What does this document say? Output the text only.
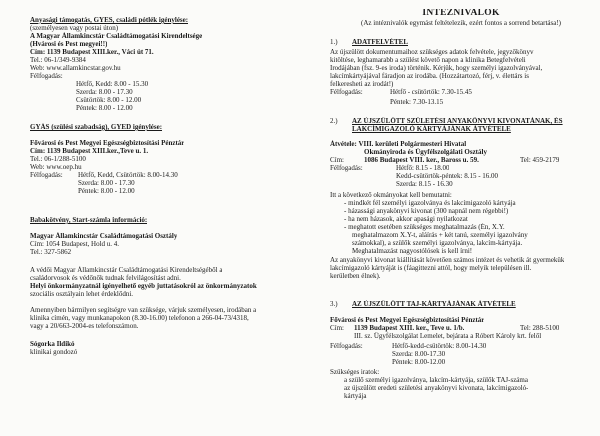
Anyasági támogatás, GYES, családi pótlék igénylése:

(személyesen vagy postai úton)

A Magyar Államkincstár Családtámogatási Kirendeltsége

(Hvárosi és Pest megyei!!)

Cím: 1139 Budapest XIII.ker., Váci út 71.

Tel.: 06-1/349-9384

Web: www.allamkincstar.gov.hu

Félfogadás:

Hétfő, Kedd: 8.00 - 15.30

Szerda: 8.00 - 17.30

Csütörtök: 8.00 - 12.00

Péntek: 8.00 - 12.00

GYÁS (szülési szabadság), GYED igénylése:

Fővárosi és Pest Megyei Egészségbiztosítási Pénztár

Cím: 1139 Budapest XIII.ker.,Teve u. 1.

Tel.: 06-1/288-5100

Web: www.oep.hu

Félfogadás: Hétfő, Kedd, Csütörtök: 8.00-14.30

Szerda: 8.00 - 17.30

Péntek: 8.00 - 12.00

Babakötvény, Start-számla információ:

Magyar Államkincstár Családtámogatási Osztály

Cím: 1054 Budapest, Hold u. 4.

Tel.: 327-5862

A védői Magyar Államkincstár Családtámogatási Kirendeltségéből a

családorvosok és védőnők tudnak felvilágosítást adni.

Helyi önkormányzatnál igényelhető egyéb juttatásokról az önkormányzatok

szociális osztályain lehet érdeklődni.

Amennyiben bármilyen segítségre van szüksége, várjuk személyesen, irodában a

klinika címén, vagy munkanapokon (8.30-16.00) telefonon a 266-04-73/4318,

vagy a 20/663-2004-es telefonszámon.

Sógorka Ildikó

klinikai gondozó

INTÉZNIVALÓK

(Az intéznivalók egymást feltételezik, ezért fontos a sorrend betartása!)

1.) ADATFELVÉTEL

Az újszülött dokumentumaihoz szükséges adatok felvétele, jegyzőkönyv

kitöltése, leghamarabb a szülést követő napon a klinika Betegfelvételi

Irodájában (fsz. 9-es iroda) történik. Kérjük, hogy személyi igazolványával,

lakcímkártyájával fáradjon az irodába. (Hozzátartozó, férj, v. élettárs is

felkeresheti az irodát!)

Félfogadás:	Hétfő - csütörtök: 7.30-15.45

Péntek: 7.30-13.15

2.) AZ ÚJSZÜLÖTT SZÜLETÉSI ANYAKÖNYVI KIVONATÁNAK, ÉS

LAKCÍMIGAZOLÓ KÁRTYÁJÁNAK ÁTVÉTELE

Átvétele: VIII. kerületi Polgármesteri Hivatal

Okmányiroda és Ügyfélszolgálati Osztály

Cím:	1086 Budapest VIII. ker., Baross u. 59.	Tel: 459-2179

Félfogadás:	Hétfő: 8.15 - 18.00

Kedd-csütörtök-péntek: 8.15 - 16.00

Szerda: 8.15 - 16.30

Itt a következő okmányokat kell bemutatni:

- mindkét fél személyi igazolványa és lakcímigazoló kártyája

- házassági anyakönyvi kivonat (300 napnál nem régebbi!)

- ha nem házasok, akkor apasági nyilatkozat

- meghatott esetében szükséges meghatalmazás (Én, X.Y.

meghatalmazom X.Y-t, aláírás + két tanú, személyi igazolvány

számokkal), a szülők személyi igazolványa, lakcím-kártyája.

Meghatalmazást nagyostólósek is kell írni!

Az anyakönyvi kivonat kiállítását követően számos intézet és vehetik át gyermekük

lakcímigazoló kártyáját is (fáagittezni attól, hogy melyik településen ill.

kerületben élnek).

3.) AZ ÚJSZÜLÖTT TAJ-KÁRTYÁJÁNAK ÁTVÉTELE

Fővárosi és Pest Megyei Egészségbiztosítási Pénztár

Cím: 1139 Budapest XIII. ker., Teve u. 1/b.	Tel: 288-5100

III. sz. Ügyfélszolgálat Lemelet, bejárata a Róbert Károly krt. felől

Félfogadás:	Hétfő-kedd-csütörtök: 8.00-14.30

Szerda: 8.00-17.30

Péntek: 8.00-12.00

Szükséges iratok:

a szülő személyi igazolványa, lakcím-kártyája, szülők TAJ-száma

az újszülött eredeti születési anyakönyvi kivonata, lakcímigazoló-

kártyája
